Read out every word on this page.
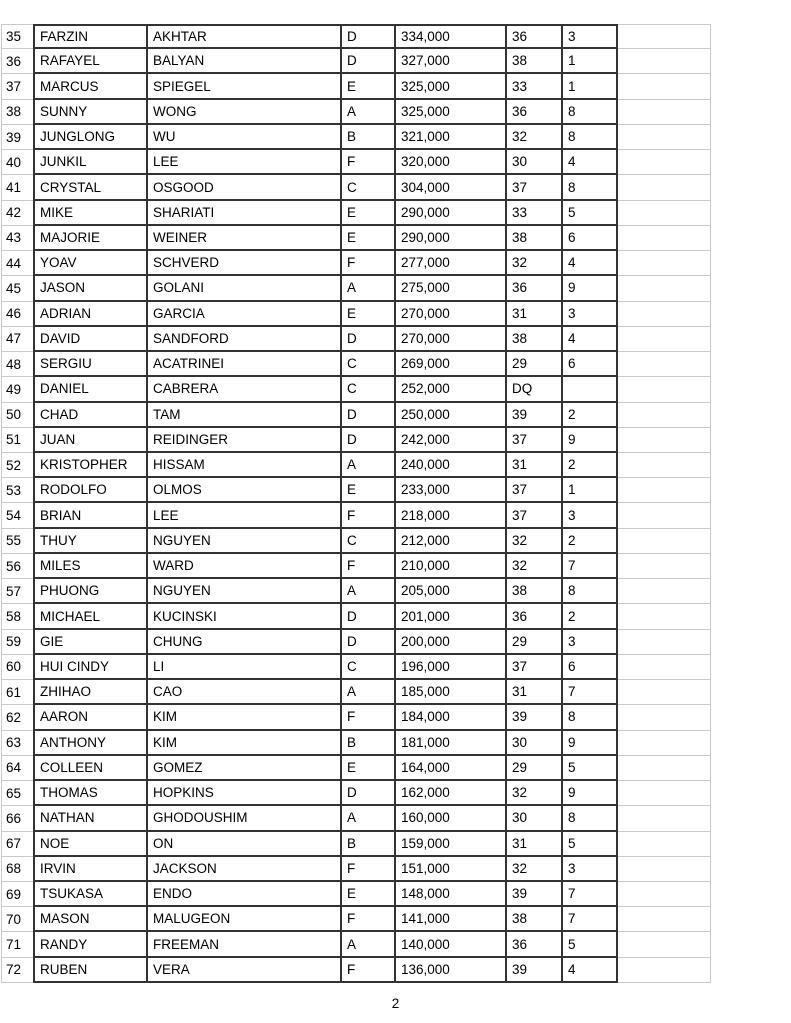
35	FARZIN	AKHTAR	D	334,000	36	3
36	RAFAYEL	BALYAN	D	327,000	38	1
37	MARCUS	SPIEGEL	E	325,000	33	1
38	SUNNY	WONG	A	325,000	36	8
39	JUNGLONG	WU	B	321,000	32	8
40	JUNKIL	LEE	F	320,000	30	4
41	CRYSTAL	OSGOOD	C	304,000	37	8
42	MIKE	SHARIATI	E	290,000	33	5
43	MAJORIE	WEINER	E	290,000	38	6
44	YOAV	SCHVERD	F	277,000	32	4
45	JASON	GOLANI	A	275,000	36	9
46	ADRIAN	GARCIA	E	270,000	31	3
47	DAVID	SANDFORD	D	270,000	38	4
48	SERGIU	ACATRINEI	C	269,000	29	6
49	DANIEL	CABRERA	C	252,000	DQ
50	CHAD	TAM	D	250,000	39	2
51	JUAN	REIDINGER	D	242,000	37	9
52	KRISTOPHER	HISSAM	A	240,000	31	2
53	RODOLFO	OLMOS	E	233,000	37	1
54	BRIAN	LEE	F	218,000	37	3
55	THUY	NGUYEN	C	212,000	32	2
56	MILES	WARD	F	210,000	32	7
57	PHUONG	NGUYEN	A	205,000	38	8
58	MICHAEL	KUCINSKI	D	201,000	36	2
59	GIE	CHUNG	D	200,000	29	3
60	HUI CINDY	LI	C	196,000	37	6
61	ZHIHAO	CAO	A	185,000	31	7
62	AARON	KIM	F	184,000	39	8
63	ANTHONY	KIM	B	181,000	30	9
64	COLLEEN	GOMEZ	E	164,000	29	5
65	THOMAS	HOPKINS	D	162,000	32	9
66	NATHAN	GHODOUSHIM	A	160,000	30	8
67	NOE	ON	B	159,000	31	5
68	IRVIN	JACKSON	F	151,000	32	3
69	TSUKASA	ENDO	E	148,000	39	7
70	MASON	MALUGEON	F	141,000	38	7
71	RANDY	FREEMAN	A	140,000	36	5
72	RUBEN	VERA	F	136,000	39	4
2
